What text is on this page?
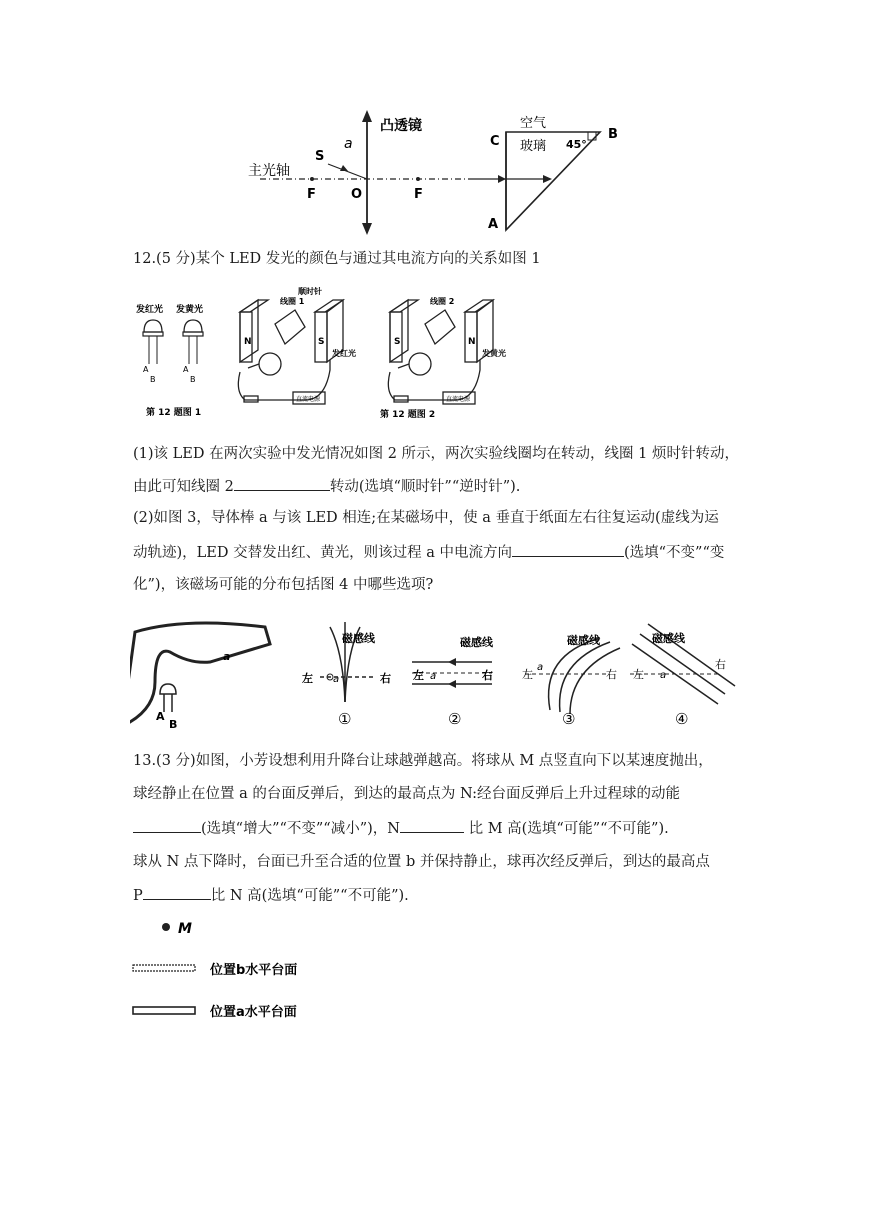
凸透镜
主光轴
S
a
F	O	F
空气
玻璃 45°
C	B
A
12.(5 分)某个 LED 发光的颜色与通过其电流方向的关系如图 1
发红光 发黄光
A
B
A
B
第 12 题图 1
N	S
线圈 1
顺时针
发红光
直流电源
S	N
线圈 2
发黄光
直流电源
第 12 题图 2
(1)该 LED 在两次实验中发光情况如图 2 所示，两次实验线圈均在转动，线圈 1 烦时针转动，
由此可知线圈 2	转动(选填“顺时针”“逆时针”).
(2)如图 3，导体棒 a 与该 LED 相连;在某磁场中，使 a 垂直于纸面左右往复运动(虚线为运
动轨迹)，LED 交替发出红、黄光，则该过程 a 中电流方向	(选填“不变”“变
化”)，该磁场可能的分布包括图 4 中哪些选项?
a
A
B
磁感线
左 a	右
①
磁感线
左 a	右
②
磁感线
左
a
右
③
磁感线
左 a
右
④
13.(3 分)如图，小芳设想利用升降台让球越弹越高。将球从 M 点竖直向下以某速度抛出，
球经静止在位置 a 的台面反弹后，到达的最高点为 N:经台面反弹后上升过程球的动能
(选填“增大”“不变”“减小”)，N	比 M 高(选填“可能”“不可能”).
球从 N 点下降时，台面已升至合适的位置 b 并保持静止，球再次经反弹后，到达的最高点
P	比 N 高(选填“可能”“不可能”).
M
位置b水平台面
位置a水平台面
